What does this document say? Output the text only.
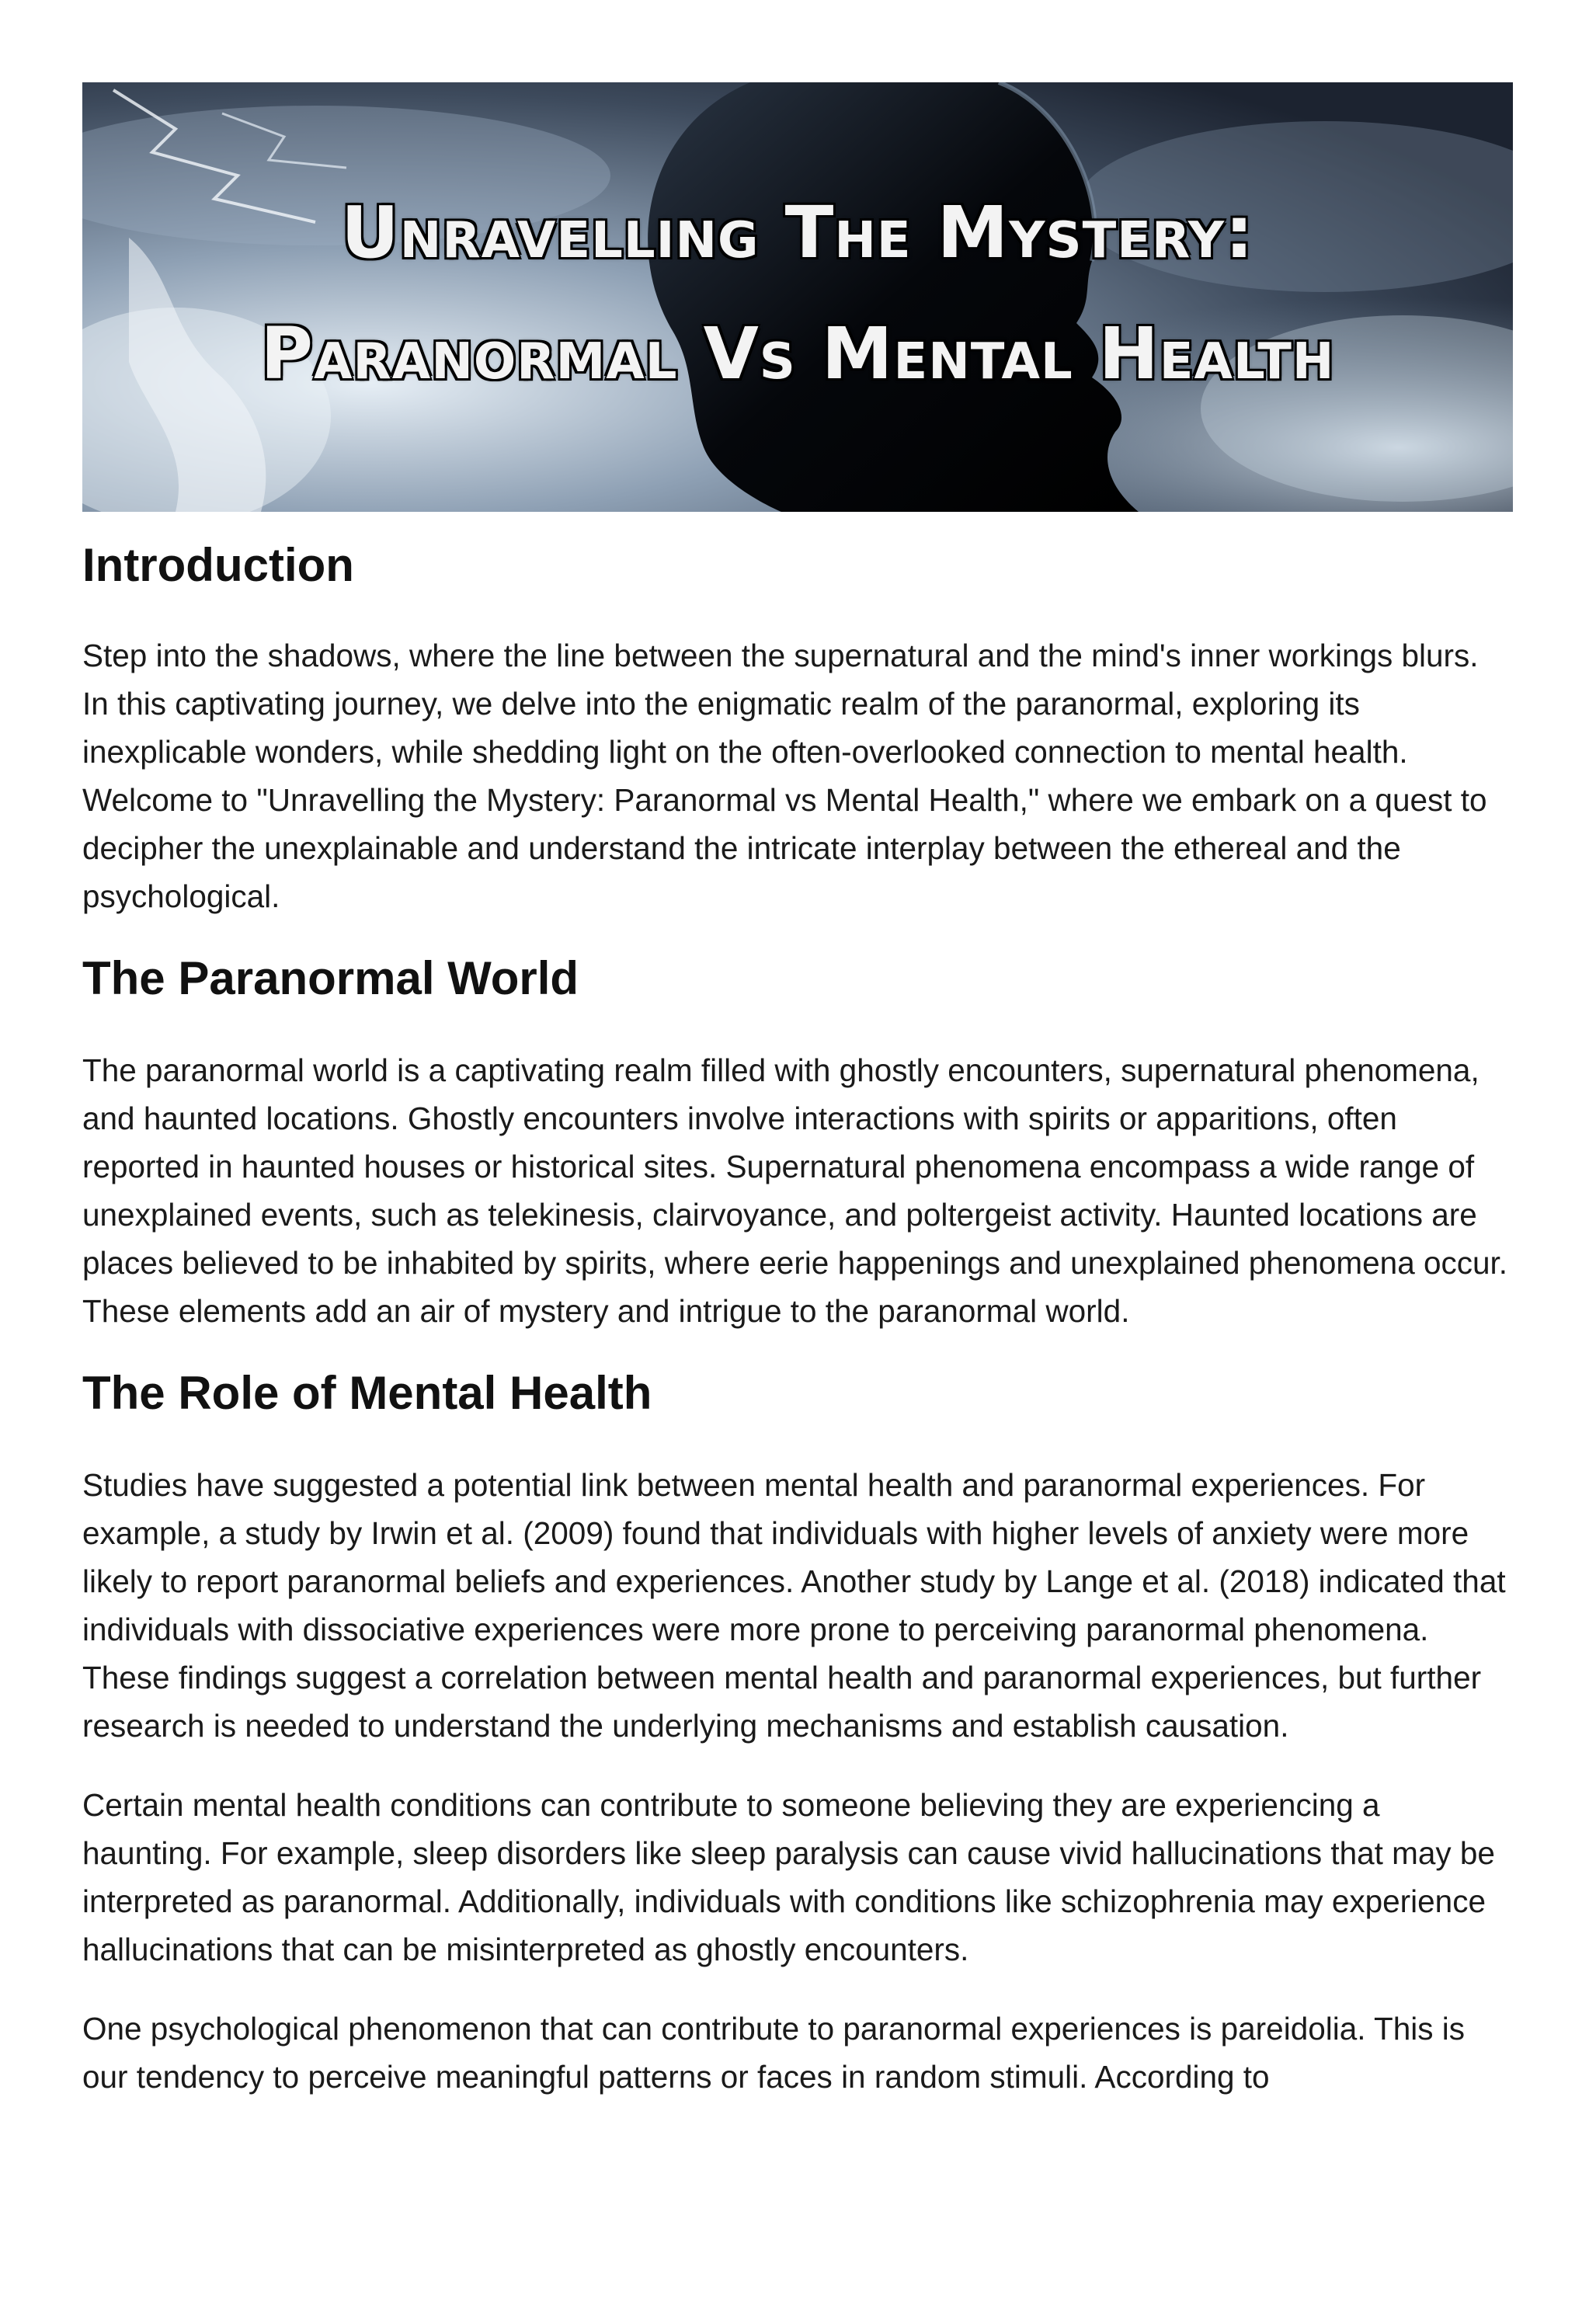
Unravelling The Mystery:
Paranormal Vs Mental Health
Introduction

Step into the shadows, where the line between the supernatural and the mind's inner workings blurs. In this captivating journey, we delve into the enigmatic realm of the paranormal, exploring its inexplicable wonders, while shedding light on the often-overlooked connection to mental health. Welcome to "Unravelling the Mystery: Paranormal vs Mental Health," where we embark on a quest to decipher the unexplainable and understand the intricate interplay between the ethereal and the psychological.

The Paranormal World

The paranormal world is a captivating realm filled with ghostly encounters, supernatural phenomena, and haunted locations. Ghostly encounters involve interactions with spirits or apparitions, often reported in haunted houses or historical sites. Supernatural phenomena encompass a wide range of unexplained events, such as telekinesis, clairvoyance, and poltergeist activity. Haunted locations are places believed to be inhabited by spirits, where eerie happenings and unexplained phenomena occur. These elements add an air of mystery and intrigue to the paranormal world.

The Role of Mental Health

Studies have suggested a potential link between mental health and paranormal experiences. For example, a study by Irwin et al. (2009) found that individuals with higher levels of anxiety were more likely to report paranormal beliefs and experiences. Another study by Lange et al. (2018) indicated that individuals with dissociative experiences were more prone to perceiving paranormal phenomena. These findings suggest a correlation between mental health and paranormal experiences, but further research is needed to understand the underlying mechanisms and establish causation.

Certain mental health conditions can contribute to someone believing they are experiencing a haunting. For example, sleep disorders like sleep paralysis can cause vivid hallucinations that may be interpreted as paranormal. Additionally, individuals with conditions like schizophrenia may experience hallucinations that can be misinterpreted as ghostly encounters.

One psychological phenomenon that can contribute to paranormal experiences is pareidolia. This is our tendency to perceive meaningful patterns or faces in random stimuli. According to
